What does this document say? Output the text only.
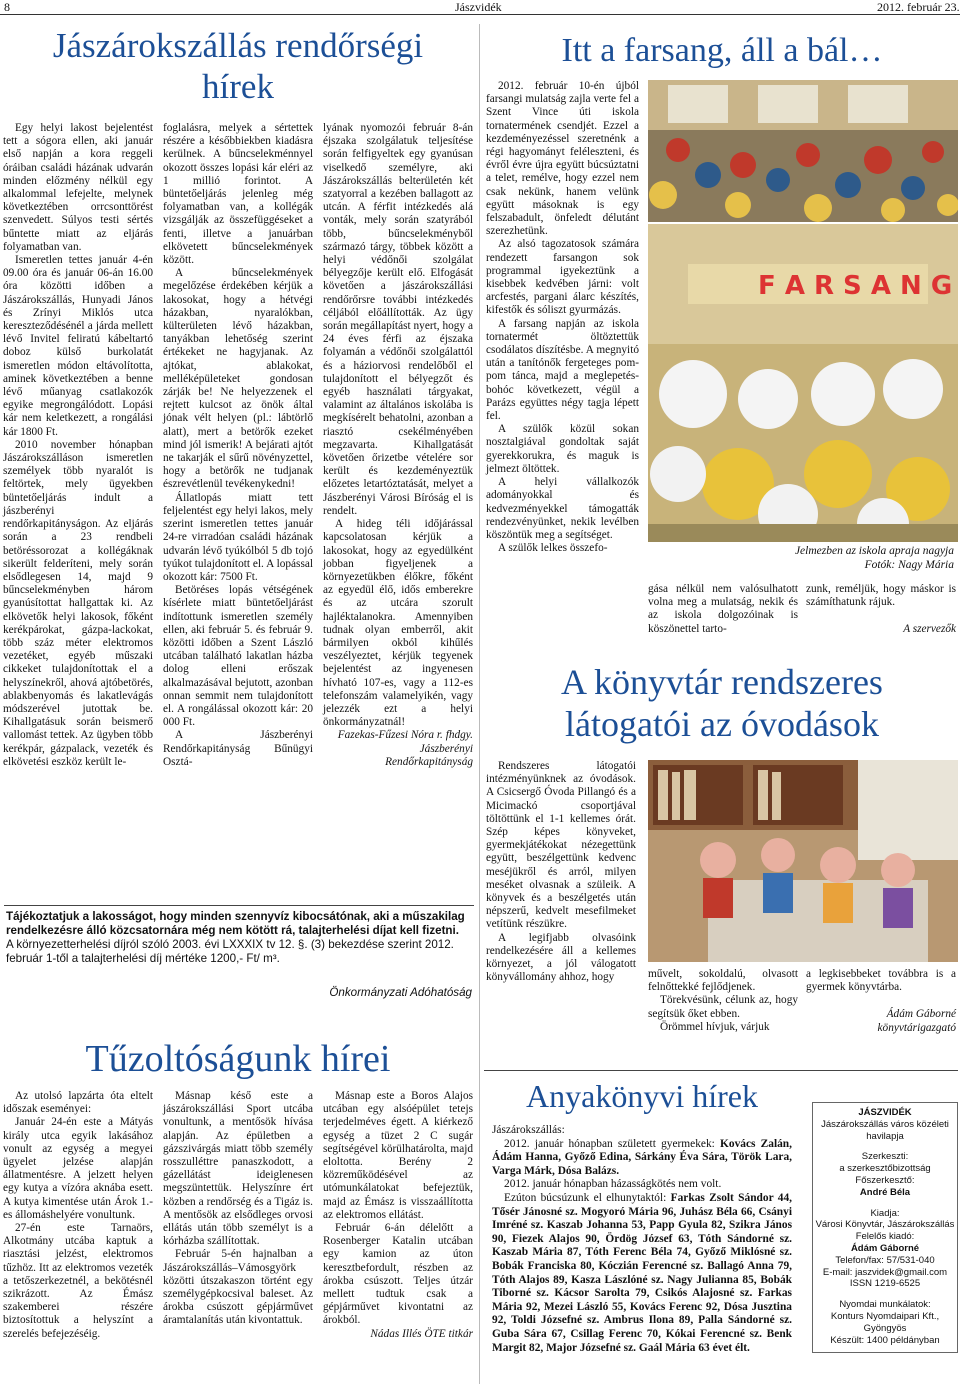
8	Jászvidék	2012. február 23.
Jászárokszállás rendőrségi
hírek

Egy helyi lakost bejelentést tett a sógora ellen, aki január első napján a kora reggeli óráiban családi házának udvarán minden előzmény nélkül egy alkalommal lefejelte, melynek következtében orrcsonttörést szenvedett. Súlyos testi sértés bűntette miatt az eljárás folyamatban van.

Ismeretlen tettes január 4-én 09.00 óra és január 06-án 16.00 óra közötti időben a Jászárokszállás, Hunyadi János és Zrínyi Miklós utca kereszteződésénél a járda mellett lévő Invitel feliratú kábeltartó doboz külső burkolatát ismeretlen módon eltávolította, aminek következtében a benne lévő műanyag csatlakozók egyike megrongálódott. Lopási kár nem keletkezett, a rongálási kár 1800 Ft.

2010 november hónapban Jászárokszálláson ismeretlen személyek több nyaralót is feltörtek, mely ügyekben büntetőeljárás indult a jászberényi rendőrkapitányságon. Az eljárás során a 23 rendbeli betöréssorozat a kollégáknak sikerült felderíteni, mely során elsődlegesen 14, majd 9 bűncselekményben három gyanúsítottat hallgattak ki. Az elkövetők helyi lakosok, főként kerékpárokat, gázpa-lackokat, több száz méter elektromos vezetéket, egyéb műszaki cikkeket tulajdonítottak el a helyszínekről, ahová ajtóbetörés, ablakbenyomás és lakatlevágás módszerével jutottak be. Kihallgatásuk során beismerő vallomást tettek. Az ügyben több kerékpár, gázpalack, vezeték és elkövetési eszköz került le-

foglalásra, melyek a sértettek részére a későbbiekben kiadásra kerülnek. A bűncselekménnyel okozott összes lopási kár eléri az 1 millió forintot. A büntetőeljárás jelenleg még folyamatban van, a kollégák vizsgálják az összefüggéseket a fenti, illetve a januárban elkövetett bűncselekmények között.

A bűncselekmények megelőzése érdekében kérjük a lakosokat, hogy a hétvégi házakban, nyaralókban, külterületen lévő házakban, tanyákban lehetőség szerint értékeket ne hagyjanak. Az ajtókat, ablakokat, melléképületeket gondosan zárják be! Ne helyezzenek el rejtett kulcsot az önök által jónak vélt helyen (pl.: lábtörlő alatt), mert a betörők ezeket mind jól ismerik! A bejárati ajtót ne takarják el sűrű növényzettel, hogy a betörők ne tudjanak észrevétlenül tevékenykedni!

Állatlopás miatt tett feljelentést egy helyi lakos, mely szerint ismeretlen tettes január 24-re virradóan családi házának udvarán lévő tyúkólból 5 db tojó tyúkot tulajdonított el. A lopással okozott kár: 7500 Ft.

Betöréses lopás vétségének kísérlete miatt büntetőeljárást indítottunk ismeretlen személy ellen, aki február 5. és február 9. közötti időben a Szent László utcában található lakatlan házba dolog elleni erőszak alkalmazásával bejutott, azonban onnan semmit nem tulajdonított el. A rongálással okozott kár: 20 000 Ft.

A Jászberényi Rendőrkapitányság Bűnügyi Osztá-

lyának nyomozói február 8-án éjszaka szolgálatuk teljesítése során felfigyeltek egy gyanúsan viselkedő személyre, aki Jászárokszállás belterületén két szatyorral a kezében ballagott az utcán. A férfit intézkedés alá vonták, mely során szatyrából több, bűncselekményből származó tárgy, többek között a helyi védőnői szolgálat bélyegzője került elő. Elfogását követően a jászárokszállási rendőrőrsre további intézkedés céljából előállították. Az ügy során megállapítást nyert, hogy a 24 éves férfi az éjszaka folyamán a védőnői szolgálattól és a háziorvosi rendelőből el tulajdonított el bélyegzőt és egyéb használati tárgyakat, valamint az általános iskolába is megkísérelt behatolni, azonban a riasztó csekélményében megzavarta. Kihallgatását követően őrizetbe vételére sor került és kezdeményeztük előzetes letartóztatását, melyet a Jászberényi Városi Bíróság el is rendelt.

A hideg téli időjárással kapcsolatosan kérjük a lakosokat, hogy az egyedülként jobban figyeljenek a környezetükben élőkre, főként az egyedül élő, idős emberekre és az utcára szorult hajléktalanokra. Amennyiben tudnak olyan emberről, akit bármilyen okból kihűlés veszélyeztet, kérjük tegyenek bejelentést az ingyenesen hívható 107-es, vagy a 112-es telefonszám valamelyikén, vagy jelezzék ezt a helyi önkormányzatnál!

Fazekas-Fűzesi Nóra r. fhdgy.
Jászberényi
Rendőrkapitányság
Tájékoztatjuk a lakosságot, hogy minden szennyvíz kibocsátónak, aki a műszakilag rendelkezésre álló közcsatornára még nem kötött rá, talajterhelési díjat kell fizetni.
A környezetterhelési díjról szóló 2003. évi LXXXIX tv 12. §. (3) bekezdése szerint 2012. február 1-től a talajterhelési díj mértéke 1200,- Ft/ m³.
Önkormányzati Adóhatóság
Tűzoltóságunk hírei

Az utolsó lapzárta óta eltelt időszak eseményei:

Január 24-én este a Mátyás király utca egyik lakásához vonult az egység a megyei ügyelet jelzése alapján állatmentésre. A jelzett helyen egy kutya a vízóra aknába esett. A kutya kimentése után Árok 1.-es állomáshelyére vonultunk.

27-én este Tarnaörs, Alkotmány utcába kaptuk a riasztási jelzést, elektromos tűzhöz. Itt az elektromos vezeték a tetőszerkezetnél, a bekötésnél szikrázott. Az Émász szakemberei részére biztosítottuk a helyszínt a szerelés befejezéséig.

Másnap késő este a jászárokszállási Sport utcába vonultunk, a mentősök hívása alapján. Az épületben a gázszivárgás miatt több személy rosszulléttre panaszkodott, a gázellátást ideiglenesen megszüntettük. Helyszínre ért közben a rendőrség és a Tigáz is. A mentősök az elsődleges orvosi ellátás után több személyt is a kórházba szállítottak.

Február 5-én hajnalban a Jászárokszállás–Vámosgyörk közötti útszakaszon történt egy személygépkocsival baleset. Az árokba csúszott gépjárművet áramtalanítás után kivontattuk.

Másnap este a Boros Alajos utcában egy alsóépület tetejs terjedelméves égett. A kiérkező egység a tüzet 2 C sugár segítségével körülhatárolta, majd eloltotta. Berény 2 közreműködésével az utómunkálatokat befejeztük, majd az Émász is visszaállította az elektromos ellátást.

Február 6-án délelőtt a Rosenberger Katalin utcában egy kamion az úton keresztbefordult, részben az árokba csúszott. Teljes útzár mellett tudtuk csak a gépjárművet kivontatni az árokból.

Nádas Illés ÖTE titkár
Itt a farsang, áll a bál…

2012. február 10-én újból farsangi mulatság zajla verte fel a Szent Vince úti iskola tornatermének csendjét. Ezzel a kezdeményezéssel szeretnénk a régi hagyományt feléleszteni, és évről évre újra együtt búcsúztatni a telet, remélve, hogy ezzel nem csak nekünk, hanem velünk együtt másoknak is egy felszabadult, önfeledt délutánt szerezhetünk.

Az alsó tagozatosok számára rendezett farsangon sok programmal igyekeztünk a kisebbek kedvében járni: volt arcfestés, pargani álarc készítés, kifestők és sóliszt gyurmázás.

A farsang napján az iskola tornatermét öltöztettük csodálatos díszítésbe. A megnyitó után a tanítónők fergeteges pom-pom tánca, majd a meglepetés-bohóc következett, végül a Parázs együttes négy tagja lépett fel.

A szülők közül sokan nosztalgiával gondoltak saját gyerekkorukra, és maguk is jelmezt öltöttek.

A helyi vállalkozók adományokkal és kedvezményekkel támogatták rendezvényünket, nekik levélben köszöntük meg a segítséget.

A szülők lelkes összefo-

F A R S A N G
Jelmezben az iskola apraja nagyja
Fotók: Nagy Mária

gása nélkül nem valósulhatott volna meg a mulatság, nekik és az iskola dolgozóinak is köszönettel tarto-

zunk, reméljük, hogy máskor is számíthatunk rájuk.

A szervezők
A könyvtár rendszeres
látogatói az óvodások

Rendszeres látogatói intézményünknek az óvodások. A Csicsergő Óvoda Pillangó és a Micimackó csoportjával töltöttünk el 1-1 kellemes órát. Szép képes könyveket, gyermekjátékokat nézegettünk együtt, beszélgettünk kedvenc meséjükről és arról, milyen meséket olvasnak a szüleik. A könyvek és a beszélgetés után népszerű, kedvelt mesefilmeket vetítünk részükre.

A legifjabb olvasóink rendelkezésére áll a kellemes környezet, a jól válogatott könyvállomány ahhoz, hogy	művelt, sokoldalú, olvasott felnőttekké fejlődjenek.

Törekvésünk, célunk az, hogy segítsük őket ebben.

Örömmel hívjuk, várjuk

a legkisebbeket továbbra is a gyermek könyvtárba.

Ádám Gáborné
könyvtárigazgató
Anyakönyvi hírek

Jászárokszállás:

2012. január hónapban született gyermekek: Kovács Zalán, Ádám Hanna, Győző Edina, Sárkány Éva Sára, Török Lara, Varga Márk, Dósa Balázs.

2012. január hónapban házasságkötés nem volt.

Ezúton búcsúzunk el elhunytaktól: Farkas Zsolt Sándor 44, Tősér Jánosné sz. Mogyoró Mária 96, Juhász Béla 66, Csányi Imréné sz. Kaszab Johanna 53, Papp Gyula 82, Szikra János 90, Fiezek Alajos 90, Ördög József 63, Tóth Sándorné sz. Kaszab Mária 87, Tóth Ferenc Béla 74, Győző Miklósné sz. Bobák Franciska 80, Kóczián Ferencné sz. Ballagó Anna 79, Tóth Alajos 89, Kasza Lászlóné sz. Nagy Julianna 85, Bobák Tiborné sz. Kácsor Sarolta 79, Csikós Alajosné sz. Farkas Mária 92, Mezei László 55, Kovács Ferenc 92, Dósa Jusztina 92, Toldi Józsefné sz. Ambrus Ilona 89, Palla Sándorné sz. Guba Sára 67, Csillag Ferenc 70, Kókai Ferencné sz. Benk Margit 82, Major Józsefné sz. Gaál Mária 63 évet élt.

JÁSZVIDÉK
Jászárokszállás város közéleti havilapja
Szerkeszti:
a szerkesztőbizottság
Főszerkesztő:
André Béla
Kiadja:
Városi Könyvtár, Jászárokszállás
Felelős kiadó:
Ádám Gáborné
Telefon/fax: 57/531-040
E-mail: jaszvidek@gmail.com
ISSN 1219-6525
Nyomdai munkálatok:
Konturs Nyomdaipari Kft., Gyöngyös
Készült: 1400 példányban
